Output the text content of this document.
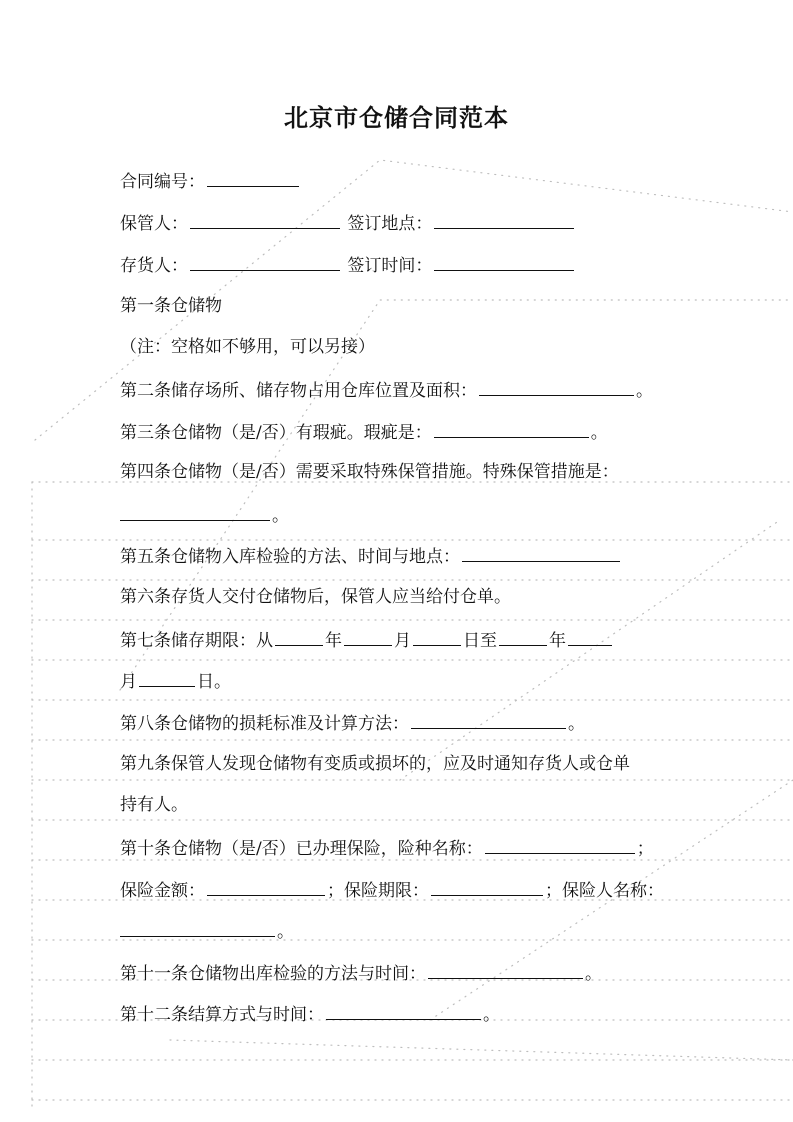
北京市仓储合同范本
合同编号：
保管人：	签订地点：
存货人：	签订时间：
第一条仓储物
（注：空格如不够用，可以另接）
第二条储存场所、储存物占用仓库位置及面积：	。
第三条仓储物（是/否）有瑕疵。瑕疵是：	。
第四条仓储物（是/否）需要采取特殊保管措施。特殊保管措施是：
。
第五条仓储物入库检验的方法、时间与地点：
第六条存货人交付仓储物后，保管人应当给付仓单。
第七条储存期限：从	年	月	日至	年
月	日。
第八条仓储物的损耗标准及计算方法：	。
第九条保管人发现仓储物有变质或损坏的，应及时通知存货人或仓单
持有人。
第十条仓储物（是/否）已办理保险，险种名称：	；
保险金额：	；保险期限：	；保险人名称：
。
第十一条仓储物出库检验的方法与时间：	。
第十二条结算方式与时间：	。
